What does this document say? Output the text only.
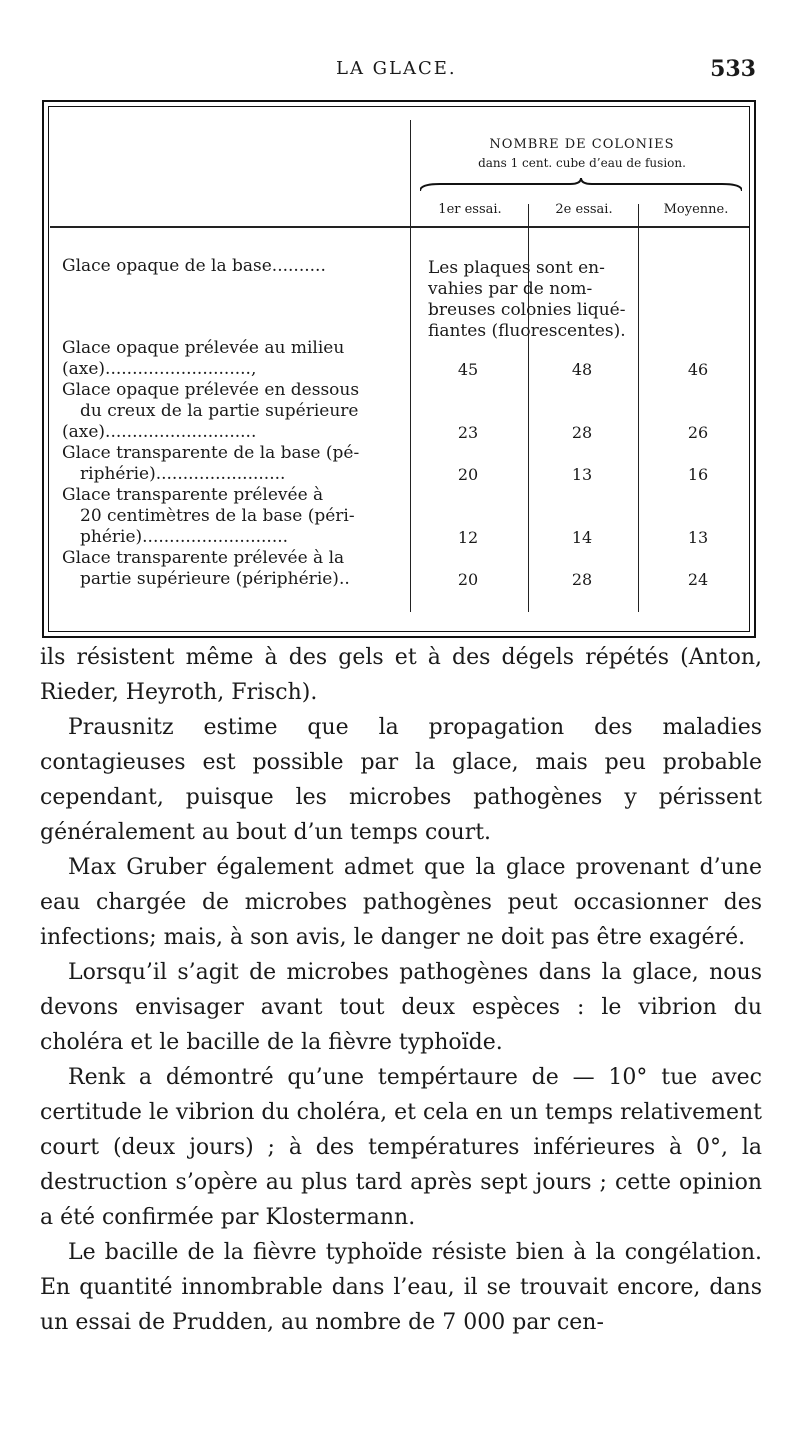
LA GLACE.	533
NOMBRE DE COLONIES
dans 1 cent. cube d’eau de fusion.
1er essai.	2e essai.	Moyenne.
Glace opaque de la base..........	Les plaques sont en-
vahies par de nom-
breuses colonies liqué-
fiantes (fluorescentes).
Glace opaque prélevée au milieu
(axe)...........................,	45	48	46
Glace opaque prélevée en dessous
du creux de la partie supérieure
(axe)............................	23	28	26
Glace transparente de la base (pé-
riphérie)........................	20	13	16
Glace transparente prélevée à
20 centimètres de la base (péri-
phérie)...........................	12	14	13
Glace transparente prélevée à la
partie supérieure (périphérie)..	20	28	24

ils résistent même à des gels et à des dégels répétés (Anton, Rieder, Heyroth, Frisch).

Prausnitz estime que la propagation des maladies contagieuses est possible par la glace, mais peu probable cependant, puisque les microbes pathogènes y périssent généralement au bout d’un temps court.

Max Gruber également admet que la glace provenant d’une eau chargée de microbes pathogènes peut occasionner des infections; mais, à son avis, le danger ne doit pas être exagéré.

Lorsqu’il s’agit de microbes pathogènes dans la glace, nous devons envisager avant tout deux espèces : le vibrion du choléra et le bacille de la fièvre typhoïde.

Renk a démontré qu’une tempértaure de — 10° tue avec certitude le vibrion du choléra, et cela en un temps relativement court (deux jours) ; à des températures inférieures à 0°, la destruction s’opère au plus tard après sept jours ; cette opinion a été confirmée par Klostermann.

Le bacille de la fièvre typhoïde résiste bien à la congélation. En quantité innombrable dans l’eau, il se trouvait encore, dans un essai de Prudden, au nombre de 7 000 par cen-
